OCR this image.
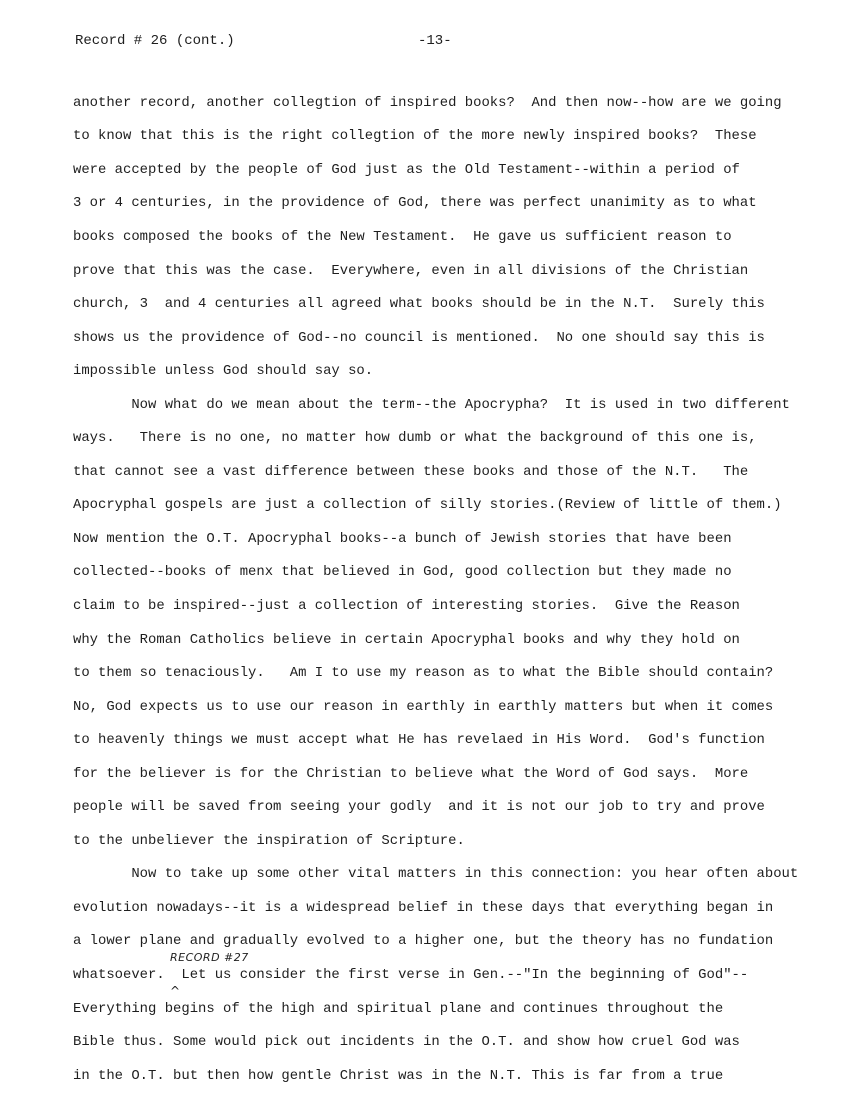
Record # 26 (cont.)	-13-
another record, another collegtion of inspired books?  And then now--how are we going
to know that this is the right collegtion of the more newly inspired books?  These
were accepted by the people of God just as the Old Testament--within a period of
3 or 4 centuries, in the providence of God, there was perfect unanimity as to what
books composed the books of the New Testament.  He gave us sufficient reason to
prove that this was the case.  Everywhere, even in all divisions of the Christian
church, 3  and 4 centuries all agreed what books should be in the N.T.  Surely this
shows us the providence of God--no council is mentioned.  No one should say this is
impossible unless God should say so.
Now what do we mean about the term--the Apocrypha?  It is used in two different
ways.   There is no one, no matter how dumb or what the background of this one is,
that cannot see a vast difference between these books and those of the N.T.   The
Apocryphal gospels are just a collection of silly stories.(Review of little of them.)
Now mention the O.T. Apocryphal books--a bunch of Jewish stories that have been
collected--books of menx that believed in God, good collection but they made no
claim to be inspired--just a collection of interesting stories.  Give the Reason
why the Roman Catholics believe in certain Apocryphal books and why they hold on
to them so tenaciously.   Am I to use my reason as to what the Bible should contain?
No, God expects us to use our reason in earthly in earthly matters but when it comes
to heavenly things we must accept what He has revelaed in His Word.  God's function
for the believer is for the Christian to believe what the Word of God says.  More
people will be saved from seeing your godly  and it is not our job to try and prove
to the unbeliever the inspiration of Scripture.
Now to take up some other vital matters in this connection: you hear often about
evolution nowadays--it is a widespread belief in these days that everything began in
a lower plane and gradually evolved to a higher one, but the theory has no fundation
whatsoever.  Let us consider the first verse in Gen.--"In the beginning of God"--
Everything begins of the high and spiritual plane and continues throughout the
Bible thus. Some would pick out incidents in the O.T. and show how cruel God was
in the O.T. but then how gentle Christ was in the N.T. This is far from a true
RECORD #27
^
